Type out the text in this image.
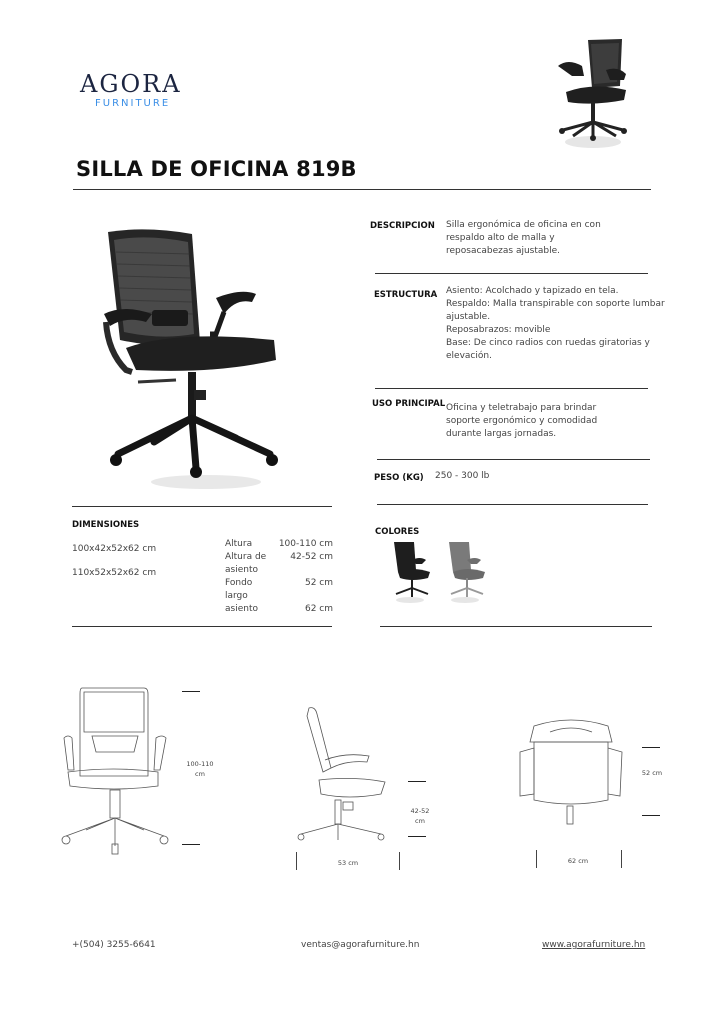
AGORA
FURNITURE
SILLA DE OFICINA 819B
DESCRIPCION Silla ergonómica de oficina en con
respaldo alto de malla y
reposacabezas ajustable.
ESTRUCTURA Asiento: Acolchado y tapizado en tela.
Respaldo: Malla transpirable con soporte lumbar
ajustable.
Reposabrazos: movible
Base: De cinco radios con ruedas giratorias y
elevación.
USO PRINCIPAL Oficina y teletrabajo para brindar
soporte ergonómico y comodidad
durante largas jornadas.
PESO (KG) 250 - 300 lb
DIMENSIONES
100x42x52x62 cm
110x52x52x62 cm
Altura	100-110 cm
Altura de	42-52 cm
asiento
Fondo	52 cm
largo
asiento	62 cm
COLORES
100-110
cm
42-52
cm
53 cm
52 cm
62 cm
+(504) 3255-6641	ventas@agorafurniture.hn	www.agorafurniture.hn
